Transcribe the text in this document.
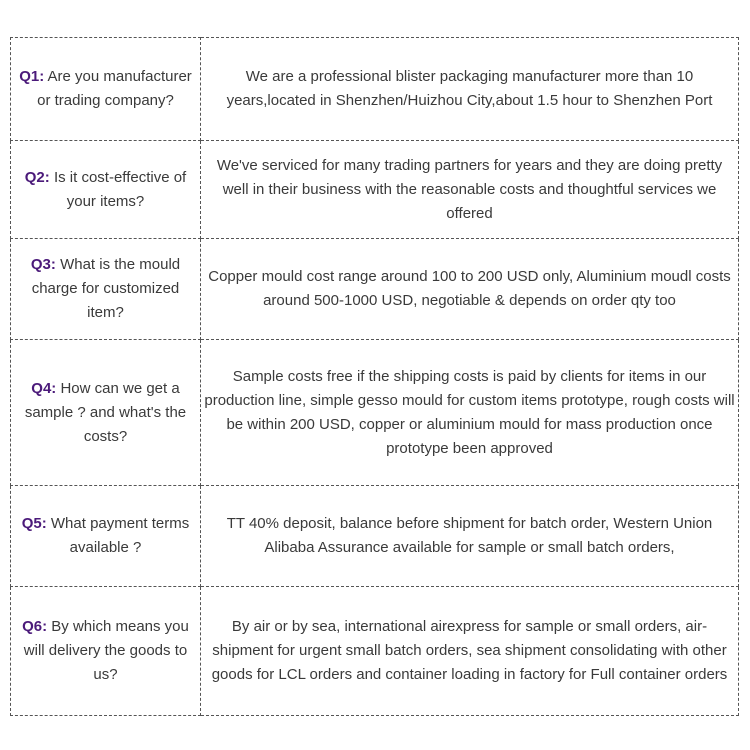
Q1: Are you manufacturer or trading company?	We are a professional blister packaging manufacturer more than 10 years,located in Shenzhen/Huizhou City,about 1.5 hour to Shenzhen Port
Q2: Is it cost-effective of your items?	We've serviced for many trading partners for years and they are doing pretty well in their business with the reasonable costs and thoughtful services we offered
Q3: What is the mould charge for customized item?	Copper mould cost range around 100 to 200 USD only, Aluminium moudl costs around 500-1000 USD, negotiable & depends on order qty too
Q4: How can we get a sample ? and what's the costs?	Sample costs free if the shipping costs is paid by clients for items in our production line, simple gesso mould for custom items prototype, rough costs will be within 200 USD, copper or aluminium mould for mass production once prototype been approved
Q5: What payment terms available ?	TT 40% deposit, balance before shipment for batch order, Western Union Alibaba Assurance available for sample or small batch orders,
Q6: By which means you will delivery the goods to us?	By air or by sea, international airexpress for sample or small orders, air-shipment for urgent small batch orders, sea shipment consolidating with other goods for LCL orders and container loading in factory for Full container orders
